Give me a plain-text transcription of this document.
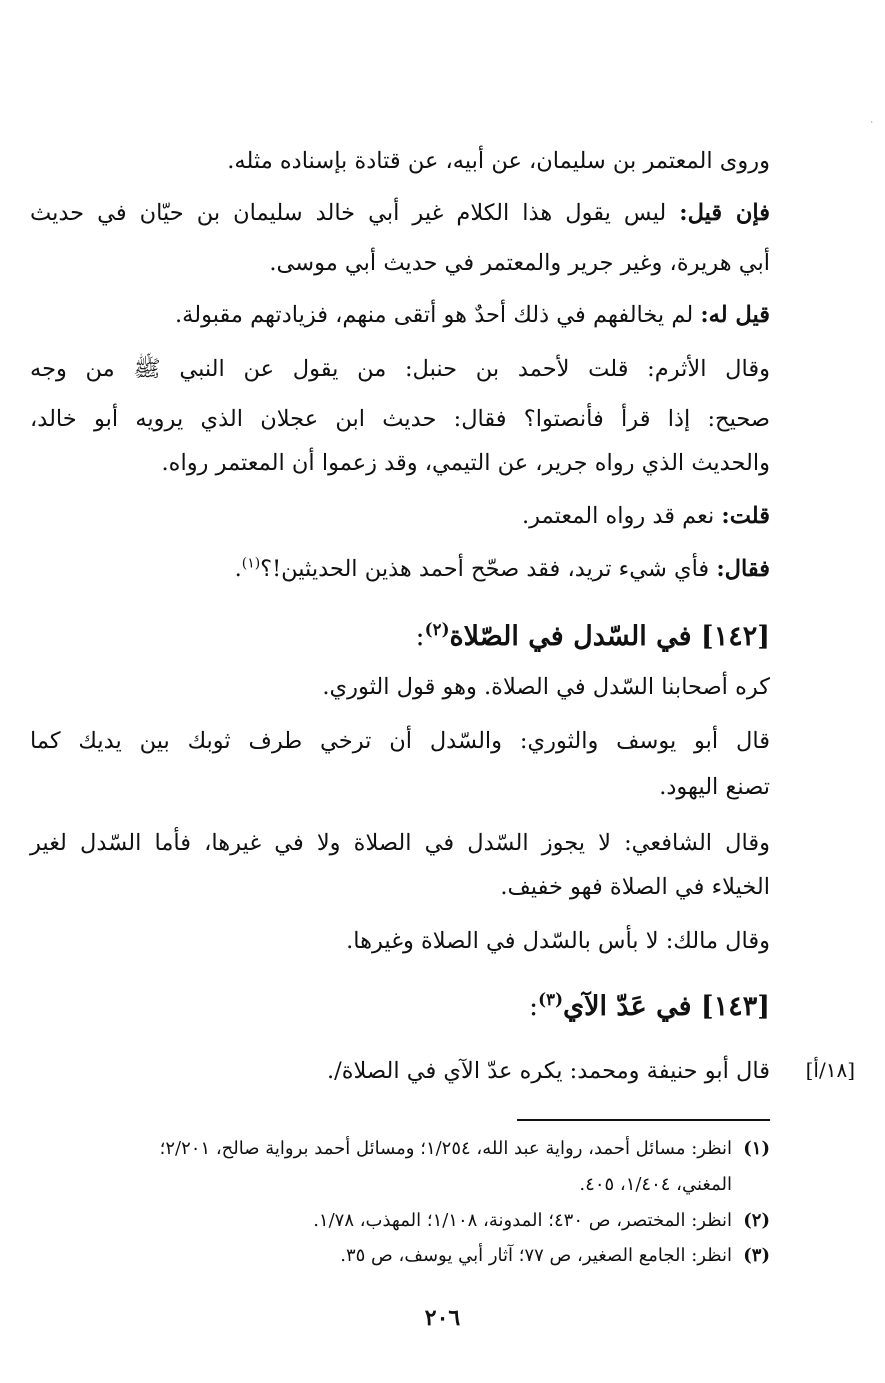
·
وروى المعتمر بن سليمان، عن أبيه، عن قتادة بإسناده مثله.
فإن قيل: ليس يقول هذا الكلام غير أبي خالد سليمان بن حيّان في حديث
أبي هريرة، وغير جرير والمعتمر في حديث أبي موسى.
قيل له: لم يخالفهم في ذلك أحدٌ هو أتقى منهم، فزيادتهم مقبولة.
وقال الأثرم: قلت لأحمد بن حنبل: من يقول عن النبي ﷺ من وجه
صحيح: إذا قرأ فأنصتوا؟ فقال: حديث ابن عجلان الذي يرويه أبو خالد،
والحديث الذي رواه جرير، عن التيمي، وقد زعموا أن المعتمر رواه.
قلت: نعم قد رواه المعتمر.
فقال: فأي شيء تريد، فقد صحّح أحمد هذين الحديثين!؟$^{(١)}$.
[١٤٢] في السّدل في الصّلاة$^{(٢)}$:
كره أصحابنا السّدل في الصلاة. وهو قول الثوري.
قال أبو يوسف والثوري: والسّدل أن ترخي طرف ثوبك بين يديك كما
تصنع اليهود.
وقال الشافعي: لا يجوز السّدل في الصلاة ولا في غيرها، فأما السّدل لغير
الخيلاء في الصلاة فهو خفيف.
وقال مالك: لا بأس بالسّدل في الصلاة وغيرها.
[١٤٣] في عَدّ الآي$^{(٣)}$:
قال أبو حنيفة ومحمد: يكره عدّ الآي في الصلاة/. [١٨/أ]
(١)انظر: مسائل أحمد، رواية عبد الله، ١/٢٥٤؛ ومسائل أحمد برواية صالح، ٢/٢٠١؛
المغني، ١/٤٠٤، ٤٠٥.
(٢)انظر: المختصر، ص ٤٣٠؛ المدونة، ١/١٠٨؛ المهذب، ١/٧٨.
(٣)انظر: الجامع الصغير، ص ٧٧؛ آثار أبي يوسف، ص ٣٥.
٢٠٦
